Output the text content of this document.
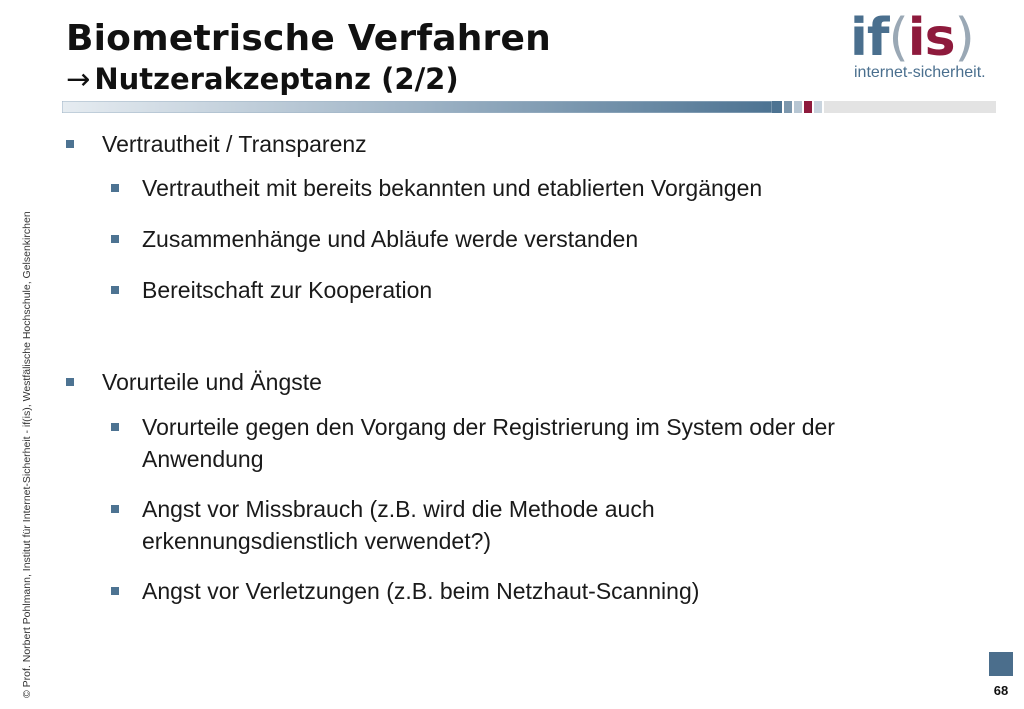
© Prof. Norbert Pohlmann, Institut für Internet-Sicherheit - if(is), Westfälische Hochschule, Gelsenkirchen
Biometrische Verfahren
→ Nutzerakzeptanz (2/2)
if(is)
internet-sicherheit.
Vertrautheit / Transparenz
Vertrautheit mit bereits bekannten und etablierten Vorgängen
Zusammenhänge und Abläufe werde verstanden
Bereitschaft zur Kooperation
Vorurteile und Ängste
Vorurteile gegen den Vorgang der Registrierung im System oder der Anwendung
Angst vor Missbrauch (z.B. wird die Methode auch erkennungsdienstlich verwendet?)
Angst vor Verletzungen (z.B. beim Netzhaut-Scanning)
68
